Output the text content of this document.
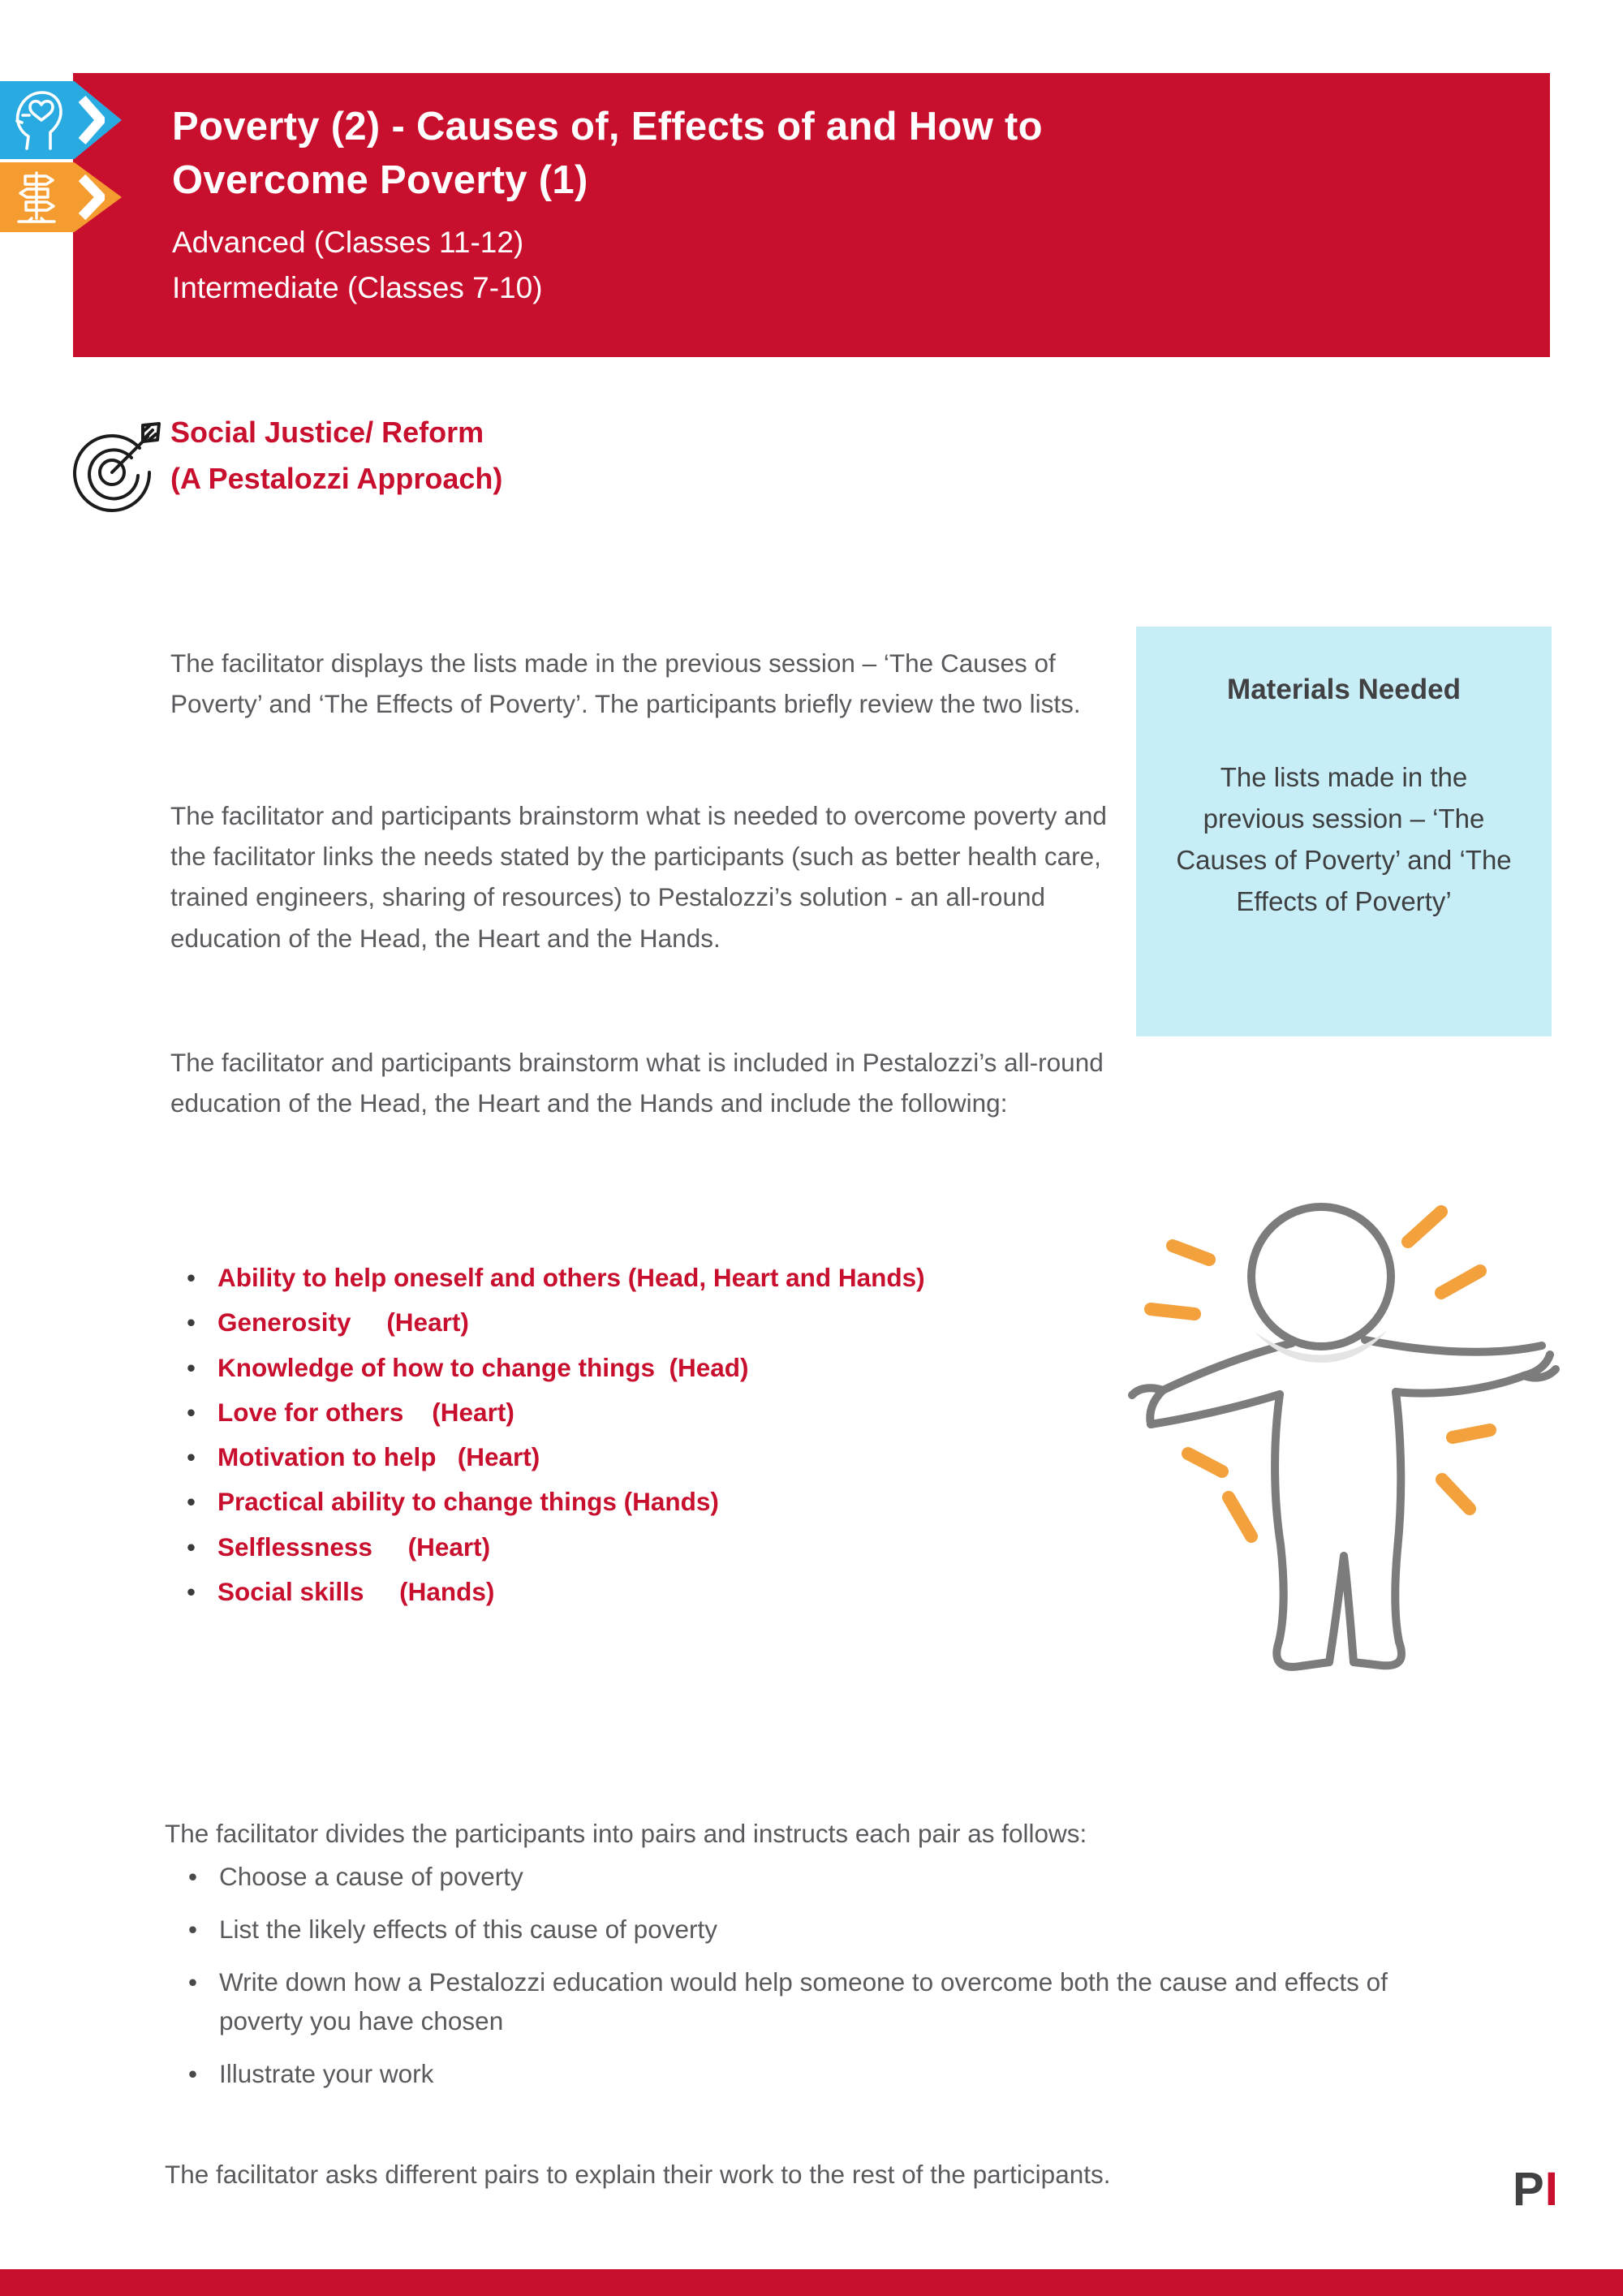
Poverty (2) - Causes of, Effects of and How to
Overcome Poverty (1)
Advanced (Classes 11-12)
Intermediate (Classes 7-10)
Social Justice/ Reform
(A Pestalozzi Approach)

The facilitator displays the lists made in the previous session – ‘The Causes of Poverty’ and ‘The Effects of Poverty’. The participants briefly review the two lists.

The facilitator and participants brainstorm what is needed to overcome poverty and the facilitator links the needs stated by the participants (such as better health care, trained engineers, sharing of resources) to Pestalozzi’s solution - an all-round education of the Head, the Heart and the Hands.

The facilitator and participants brainstorm what is included in Pestalozzi’s all-round education of the Head, the Heart and the Hands and include the following:

Materials Needed

The lists made in the previous session – ‘The Causes of Poverty’ and ‘The Effects of Poverty’

• Ability to help oneself and others (Head, Heart and Hands)
• Generosity     (Heart)
• Knowledge of how to change things  (Head)
• Love for others    (Heart)
• Motivation to help   (Heart)
• Practical ability to change things (Hands)
• Selflessness     (Heart)
• Social skills     (Hands)

The facilitator divides the participants into pairs and instructs each pair as follows:

• Choose a cause of poverty
• List the likely effects of this cause of poverty
• Write down how a Pestalozzi education would help someone to overcome both the cause and effects of poverty you have chosen
• Illustrate your work

The facilitator asks different pairs to explain their work to the rest of the participants.	PI
